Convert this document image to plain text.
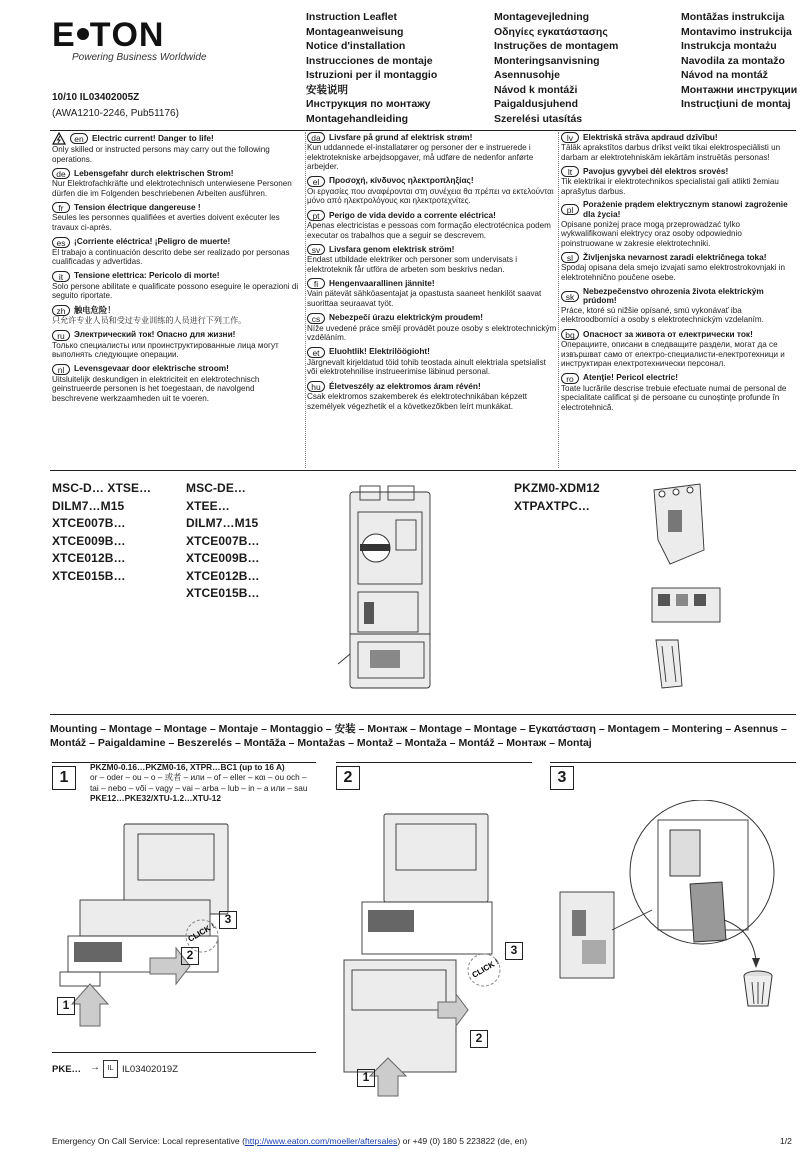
E TON
Powering Business Worldwide
10/10 IL03402005Z
(AWA1210-2246, Pub51176)
Instruction Leaflet
Montageanweisung
Notice d'installation
Instrucciones de montaje
Istruzioni per il montaggio
安装说明
Инструкция по монтажу
Montagehandleiding
Montagevejledning
Οδηγίες εγκατάστασης
Instruções de montagem
Monteringsanvisning
Asennusohje
Návod k montáži
Paigaldusjuhend
Szerelési utasítás
Montāžas instrukcija
Montavimo instrukcija
Instrukcja montażu
Navodila za montažo
Návod na montáž
Монтажни инструкции
Instrucţiuni de montaj
en Electric current! Danger to life!
Only skilled or instructed persons may carry out the following operations.
de Lebensgefahr durch elektrischen Strom!
Nur Elektrofachkräfte und elektrotechnisch unterwiesene Personen dürfen die im Folgenden beschriebenen Arbeiten ausführen.
fr	Tension électrique dangereuse !
Seules les personnes qualifiées et averties doivent exécuter les travaux ci-après.
es	¡Corriente eléctrica! ¡Peligro de muerte!
El trabajo a continuación descrito debe ser realizado por personas cualificadas y advertidas.
it	Tensione elettrica: Pericolo di morte!
Solo persone abilitate e qualificate possono eseguire le operazioni di seguito riportate.
zh	触电危险！
只允许专业人员和受过专业训练的人员进行下列工作。
ru	Электрический ток! Опасно для жизни!
Только специалисты или проинструктированные лица могут выполнять следующие операции.
nl	Levensgevaar door elektrische stroom!
Uitsluitelijk deskundigen in elektriciteit en elektrotechnisch geinstrueerde personen is het toegestaan, de navolgend beschrevene werkzaamheden uit te voeren.
da Livsfare på grund af elektrisk strøm!
Kun uddannede el-installatører og personer der e instruerede i elektrotekniske arbejdsopgaver, må udføre de nedenfor anførte arbejder.
el	Προσοχή, κίνδυνος ηλεκτροπληξίας!
Οι εργασίες που αναφέρονται στη συνέχεια θα πρέπει να εκτελούνται μόνο από ηλεκτρολόγους και ηλεκτροτεχνίτες.
pt	Perigo de vida devido a corrente eléctrica!
Apenas electricistas e pessoas com formação electrotécnica podem executar os trabalhos que a seguir se descrevem.
sv	Livsfara genom elektrisk ström!
Endast utbildade elektriker och personer som undervisats i elektroteknik får utföra de arbeten som beskrivs nedan.
fi	Hengenvaarallinen jännite!
Vain pätevät sähköasentajat ja opastusta saaneet henkilöt saavat suorittaa seuraavat työt.
cs	Nebezpečí úrazu elektrickým proudem!
Níže uvedené práce smějí provádět pouze osoby s elektrotechnickým vzděláním.
et	Eluohtlik! Elektrilöögioht!
Järgnevalt kirjeldatud töid tohib teostada ainult elektriala spetsialist või elektrotehnilise instrueerimise läbinud personal.
hu Életveszély az elektromos áram révén!
Csak elektromos szakemberek és elektrotechnikában képzett személyek végezhetik el a következőkben leírt munkákat.
lv	Elektriskā strāva apdraud dzīvību!
Tālāk aprakstītos darbus drīkst veikt tikai elektrospeciālisti un darbam ar elektrotehniskām iekārtām instruētās personas!
lt	Pavojus gyvybei dėl elektros srovės!
Tik elektrikai ir elektrotechnikos specialistai gali atlikti žemiau aprašytus darbus.
pl
Porażenie prądem elektrycznym stanowi zagrożenie dla życia!
Opisane poniżej prace mogą przeprowadzać tylko wykwalifikowani elektrycy oraz osoby odpowiednio poinstruowane w zakresie elektrotechniki.
sl	Življenjska nevarnost zaradi električnega toka!
Spodaj opisana dela smejo izvajati samo elektrostrokovnjaki in elektrotehnično poučene osebe.
sk
Nebezpečenstvo ohrozenia života elektrickým prúdom!
Práce, ktoré sú nižšie opísané, smú vykonávať iba elektroodborníci a osoby s elektrotechnickým vzdelaním.
bg Опасност за живота от електрически ток!
Операциите, описани в следващите раздели, могат да се извършват само от електро-специалисти-електротехници и инструктиран електротехнически персонал.
ro	Atenţie! Pericol electric!
Toate lucrările descrise trebuie efectuate numai de personal de specialitate calificat şi de persoane cu cunoştinţe profunde în electrotehnică.
MSC-D… XTSE…
DILM7…M15
XTCE007B…
XTCE009B…
XTCE012B…
XTCE015B…
MSC-DE…
XTEE…
DILM7…M15
XTCE007B…
XTCE009B…
XTCE012B…
XTCE015B…
PKZM0-XDM12
XTPAXTPC…
Mounting – Montage – Montage – Montaje – Montaggio – 安装 – Монтаж – Montage – Montage – Εγκατάσταση – Montagem – Montering – Asennus – Montáž – Paigaldamine – Beszerelés – Montāža – Montažas – Montaž – Montaža – Montáž – Монтаж – Montaj
1	2	3
PKZM0-0.16…PKZM0-16, XTPR…BC1 (up to 16 A)
or – oder – ou – o – 或者 – или – of – eller – και – ou och – tai – nebo – või – vagy – vai – arba – lub – in – a или – sau
PKE12…PKE32/XTU-1.2…XTU-12
CLICK !
3
2
1
PKE… →	IL IL03402019Z
CLICK !
3
2
1
Emergency On Call Service: Local representative (http://www.eaton.com/moeller/aftersales) or +49 (0) 180 5 223822 (de, en)	1/2
